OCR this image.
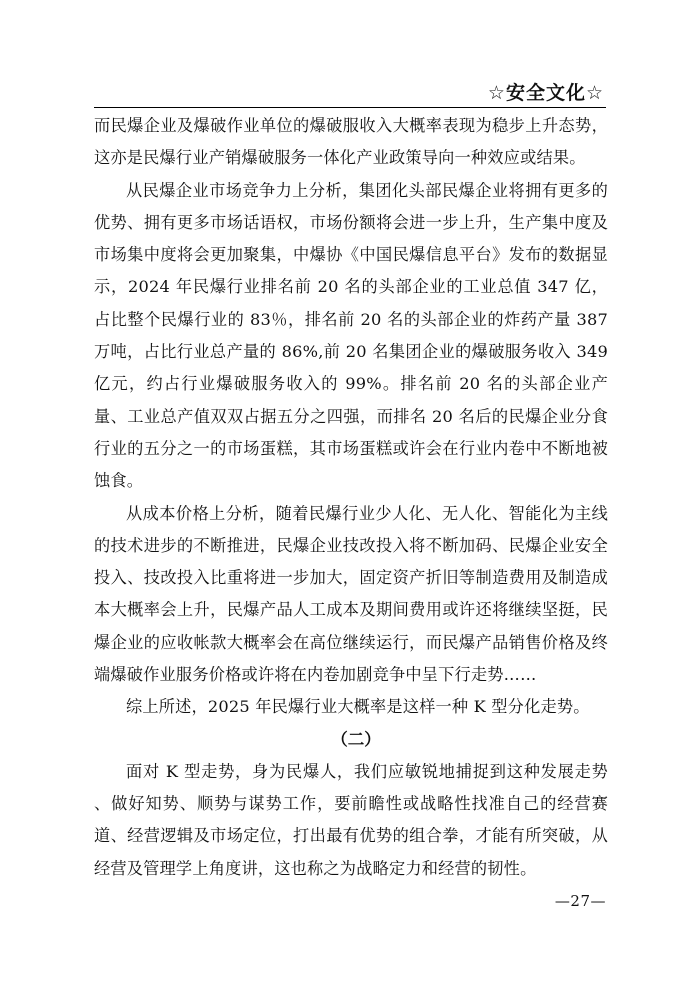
☆安全文化☆

而民爆企业及爆破作业单位的爆破服收入大概率表现为稳步上升态势，这亦是民爆行业产销爆破服务一体化产业政策导向一种效应或结果。

从民爆企业市场竞争力上分析，集团化头部民爆企业将拥有更多的优势、拥有更多市场话语权，市场份额将会进一步上升，生产集中度及市场集中度将会更加聚集，中爆协《中国民爆信息平台》发布的数据显示，2024 年民爆行业排名前 20 名的头部企业的工业总值 347 亿，占比整个民爆行业的 83％，排名前 20 名的头部企业的炸药产量 387 万吨，占比行业总产量的 86%,前 20 名集团企业的爆破服务收入 349 亿元，约占行业爆破服务收入的 99%。排名前 20 名的头部企业产量、工业总产值双双占据五分之四强，而排名 20 名后的民爆企业分食行业的五分之一的市场蛋糕，其市场蛋糕或许会在行业内卷中不断地被蚀食。

从成本价格上分析，随着民爆行业少人化、无人化、智能化为主线的技术进步的不断推进，民爆企业技改投入将不断加码、民爆企业安全投入、技改投入比重将进一步加大，固定资产折旧等制造费用及制造成本大概率会上升，民爆产品人工成本及期间费用或许还将继续坚挺，民爆企业的应收帐款大概率会在高位继续运行，而民爆产品销售价格及终端爆破作业服务价格或许将在内卷加剧竞争中呈下行走势……

综上所述，2025 年民爆行业大概率是这样一种 K 型分化走势。

（二）

面对 K 型走势，身为民爆人，我们应敏锐地捕捉到这种发展走势 、做好知势、顺势与谋势工作，要前瞻性或战略性找准自己的经营赛道、经营逻辑及市场定位，打出最有优势的组合拳，才能有所突破，从经营及管理学上角度讲，这也称之为战略定力和经营的韧性。

—27—
